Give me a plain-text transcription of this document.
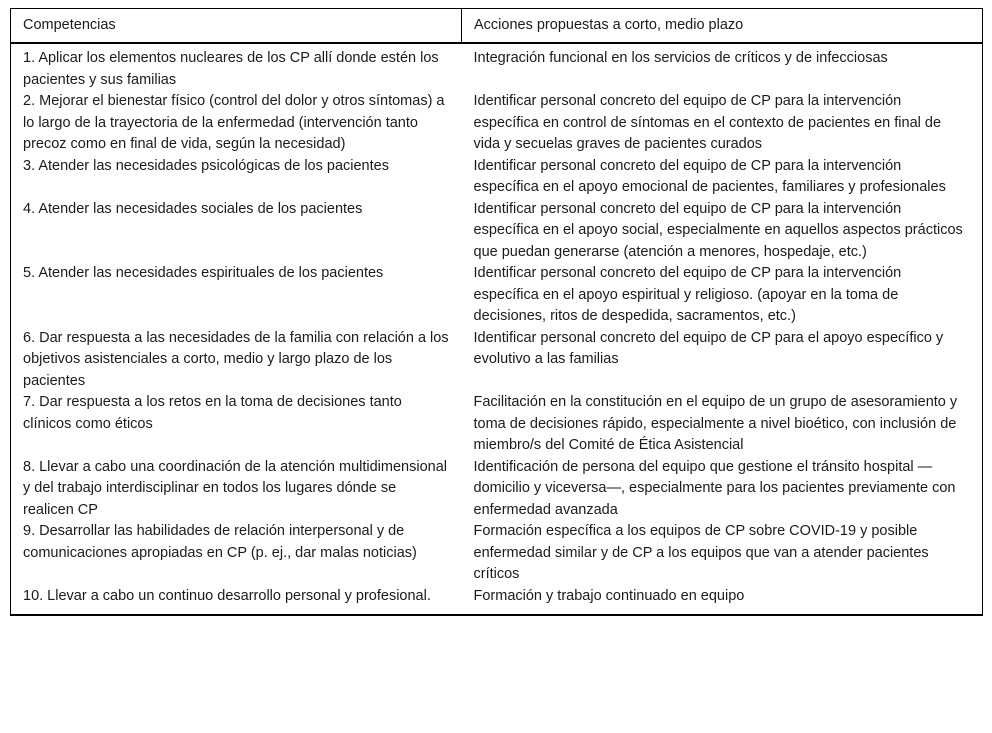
Competencias	Acciones propuestas a corto, medio plazo
1. Aplicar los elementos nucleares de los CP allí donde estén los pacientes y sus familias	Integración funcional en los servicios de críticos y de infecciosas
2. Mejorar el bienestar físico (control del dolor y otros síntomas) a lo largo de la trayectoria de la enfermedad (intervención tanto precoz como en final de vida, según la necesidad)	Identificar personal concreto del equipo de CP para la intervención específica en control de síntomas en el contexto de pacientes en final de vida y secuelas graves de pacientes curados
3. Atender las necesidades psicológicas de los pacientes	Identificar personal concreto del equipo de CP para la intervención específica en el apoyo emocional de pacientes, familiares y profesionales
4. Atender las necesidades sociales de los pacientes	Identificar personal concreto del equipo de CP para la intervención específica en el apoyo social, especialmente en aquellos aspectos prácticos que puedan generarse (atención a menores, hospedaje, etc.)
5. Atender las necesidades espirituales de los pacientes	Identificar personal concreto del equipo de CP para la intervención específica en el apoyo espiritual y religioso. (apoyar en la toma de decisiones, ritos de despedida, sacramentos, etc.)
6. Dar respuesta a las necesidades de la familia con relación a los objetivos asistenciales a corto, medio y largo plazo de los pacientes	Identificar personal concreto del equipo de CP para el apoyo específico y evolutivo a las familias
7. Dar respuesta a los retos en la toma de decisiones tanto clínicos como éticos	Facilitación en la constitución en el equipo de un grupo de asesoramiento y toma de decisiones rápido, especialmente a nivel bioético, con inclusión de miembro/s del Comité de Ética Asistencial
8. Llevar a cabo una coordinación de la atención multidimensional y del trabajo interdisciplinar en todos los lugares dónde se realicen CP	Identificación de persona del equipo que gestione el tránsito hospital —domicilio y viceversa—, especialmente para los pacientes previamente con enfermedad avanzada
9. Desarrollar las habilidades de relación interpersonal y de comunicaciones apropiadas en CP (p. ej., dar malas noticias)	Formación específica a los equipos de CP sobre COVID-19 y posible enfermedad similar y de CP a los equipos que van a atender pacientes críticos
10. Llevar a cabo un continuo desarrollo personal y profesional.	Formación y trabajo continuado en equipo
